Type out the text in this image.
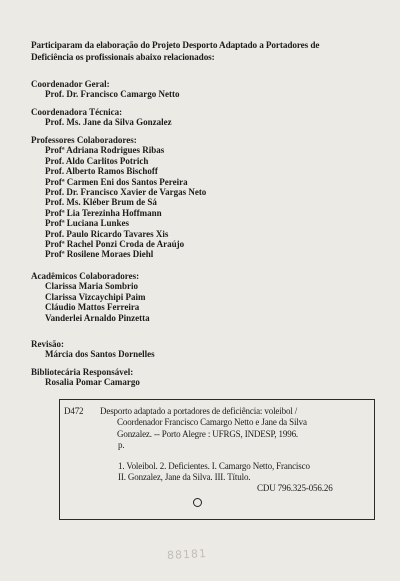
Participaram da elaboração do Projeto Desporto Adaptado a Portadores de Deficiência os profissionais abaixo relacionados:

Coordenador Geral:

Prof. Dr. Francisco Camargo Netto

Coordenadora Técnica:

Prof. Ms. Jane da Silva Gonzalez

Professores Colaboradores:

Profª Adriana Rodrigues Ribas

Prof. Aldo Carlitos Potrich

Prof. Alberto Ramos Bischoff

Profª Carmen Eni dos Santos Pereira

Prof. Dr. Francisco Xavier de Vargas Neto

Prof. Ms. Kléber Brum de Sá

Profª Lia Terezinha Hoffmann

Profª Luciana Lunkes

Prof. Paulo Ricardo Tavares Xis

Profª Rachel Ponzi Croda de Araújo

Profª Rosilene Moraes Diehl

Acadêmicos Colaboradores:

Clarissa Maria Sombrio

Clarissa Vizcaychipi Paim

Cláudio Mattos Ferreira

Vanderlei Arnaldo Pinzetta

Revisão:

Márcia dos Santos Dornelles

Bibliotecária Responsável:

Rosalia Pomar Camargo

D472 Desporto adaptado a portadores de deficiência: voleibol /

Coordenador Francisco Camargo Netto e Jane da Silva

Gonzalez. -- Porto Alegre : UFRGS, INDESP, 1996.

p.

1. Voleibol. 2. Deficientes. I. Camargo Netto, Francisco

II. Gonzalez, Jane da Silva. III. Título.

CDU 796.325-056.26

88181
